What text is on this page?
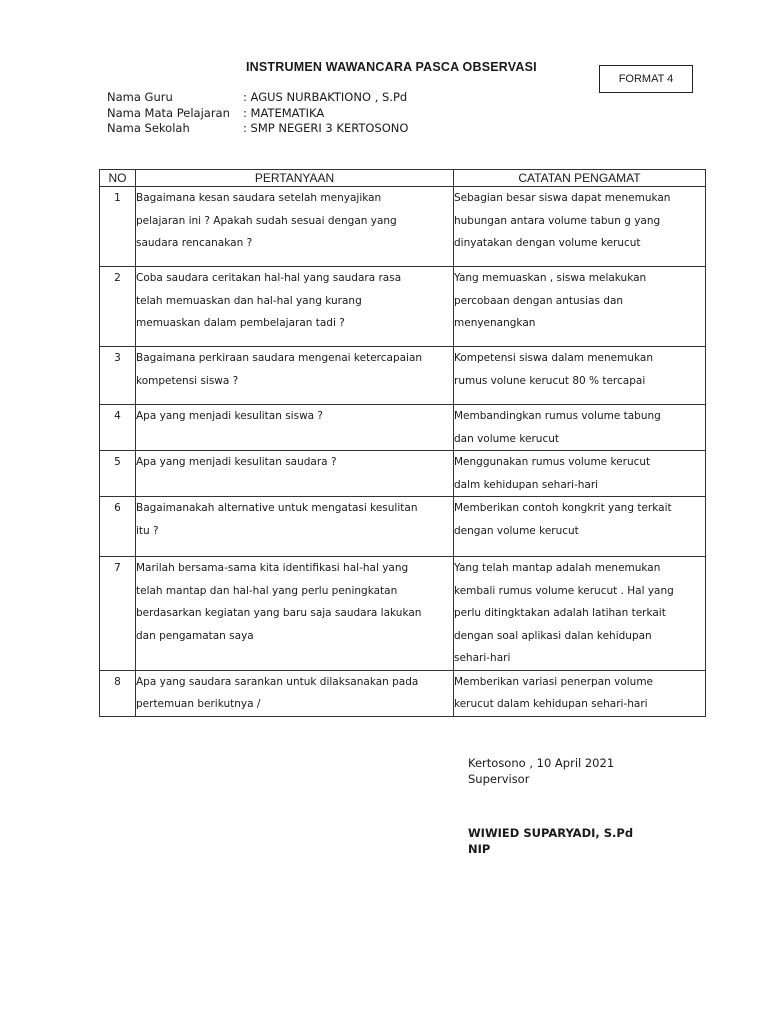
INSTRUMEN WAWANCARA PASCA OBSERVASI
FORMAT 4
Nama Guru	: AGUS NURBAKTIONO , S.Pd
Nama Mata Pelajaran	: MATEMATIKA
Nama Sekolah	: SMP NEGERI 3 KERTOSONO
NO	PERTANYAAN	CATATAN PENGAMAT
1	Bagaimana kesan saudara setelah menyajikan
pelajaran ini ? Apakah sudah sesuai dengan yang
saudara rencanakan ?	Sebagian besar siswa dapat menemukan
hubungan antara volume tabun g yang
dinyatakan dengan volume kerucut

2	Coba saudara ceritakan hal-hal yang saudara rasa
telah memuaskan dan hal-hal yang kurang
memuaskan dalam pembelajaran tadi ?	Yang memuaskan , siswa melakukan
percobaan dengan antusias dan
menyenangkan

3	Bagaimana perkiraan saudara mengenai ketercapaian
kompetensi siswa ?	Kompetensi siswa dalam menemukan
rumus volune kerucut 80 % tercapai

4	Apa yang menjadi kesulitan siswa ?	Membandingkan rumus volume tabung
dan volume kerucut

5	Apa yang menjadi kesulitan saudara ?	Menggunakan rumus volume kerucut
dalm kehidupan sehari-hari

6	Bagaimanakah alternative untuk mengatasi kesulitan
itu ?	Memberikan contoh kongkrit yang terkait
dengan volume kerucut

7	Marilah bersama-sama kita identifikasi hal-hal yang
telah mantap dan hal-hal yang perlu peningkatan
berdasarkan kegiatan yang baru saja saudara lakukan
dan pengamatan saya	Yang telah mantap adalah menemukan
kembali rumus volume kerucut . Hal yang
perlu ditingktakan adalah latihan terkait
dengan soal aplikasi dalan kehidupan
sehari-hari

8	Apa yang saudara sarankan untuk dilaksanakan pada
pertemuan berikutnya /	Memberikan variasi penerpan volume
kerucut dalam kehidupan sehari-hari
Kertosono , 10 April 2021
Supervisor
WIWIED SUPARYADI, S.Pd
NIP
